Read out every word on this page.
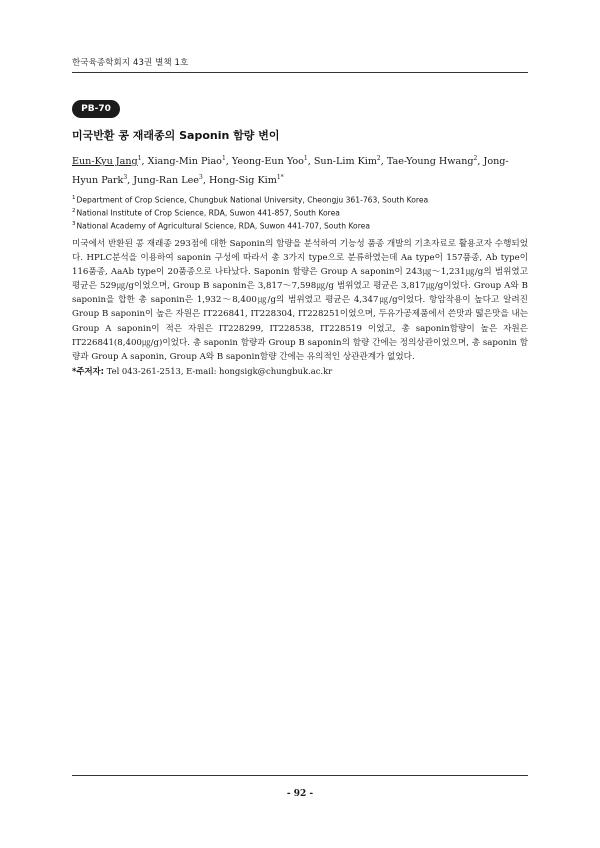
한국육종학회지 43권 별책 1호
PB-70
미국반환 콩 재래종의 Saponin 함량 변이
Eun-Kyu Jang$^1$, Xiang-Min Piao$^1$, Yeong-Eun Yoo$^1$, Sun-Lim Kim$^2$, Tae-Young Hwang$^2$, Jong-Hyun Park$^3$, Jung-Ran Lee$^3$, Hong-Sig Kim$^{1*}$
$^1$Department of Crop Science, Chungbuk National University, Cheongju 361-763, South Korea
$^2$National Institute of Crop Science, RDA, Suwon 441-857, South Korea
$^3$National Academy of Agricultural Science, RDA, Suwon 441-707, South Korea
미국에서 반환된 콩 재래종 293점에 대한 Saponin의 함량을 분석하여 기능성 품종 개발의 기초자료로 활용코자 수행되었다. HPLC분석을 이용하여 saponin 구성에 따라서 총 3가지 type으로 분류하였는데 Aa type이 157품종, Ab type이 116품종, AaAb type이 20품종으로 나타났다. Saponin 함량은 Group A saponin이 243㎍～1,231㎍/g의 범위였고 평균은 529㎍/g이었으며, Group B saponin은 3,817～7,598㎍/g 범위였고 평균은 3,817㎍/g이었다. Group A와 B saponin을 합한 총 saponin은 1,932～8,400㎍/g의 범위였고 평균은 4,347㎍/g이었다. 항암작용이 높다고 알려진 Group B saponin이 높은 자원은 IT226841, IT228304, IT228251이었으며, 두유가공제품에서 쓴맛과 떫은맛을 내는 Group A saponin이 적은 자원은 IT228299, IT228538, IT228519 이었고, 총 saponin함량이 높은 자원은 IT226841(8,400㎍/g)이었다. 총 saponin 함량과 Group B saponin의 함량 간에는 정의상관이었으며, 총 saponin 함량과 Group A saponin, Group A와 B saponin함량 간에는 유의적인 상관관계가 없었다.
*주저자: Tel 043-261-2513, E-mail: hongsigk@chungbuk.ac.kr
- 92 -
